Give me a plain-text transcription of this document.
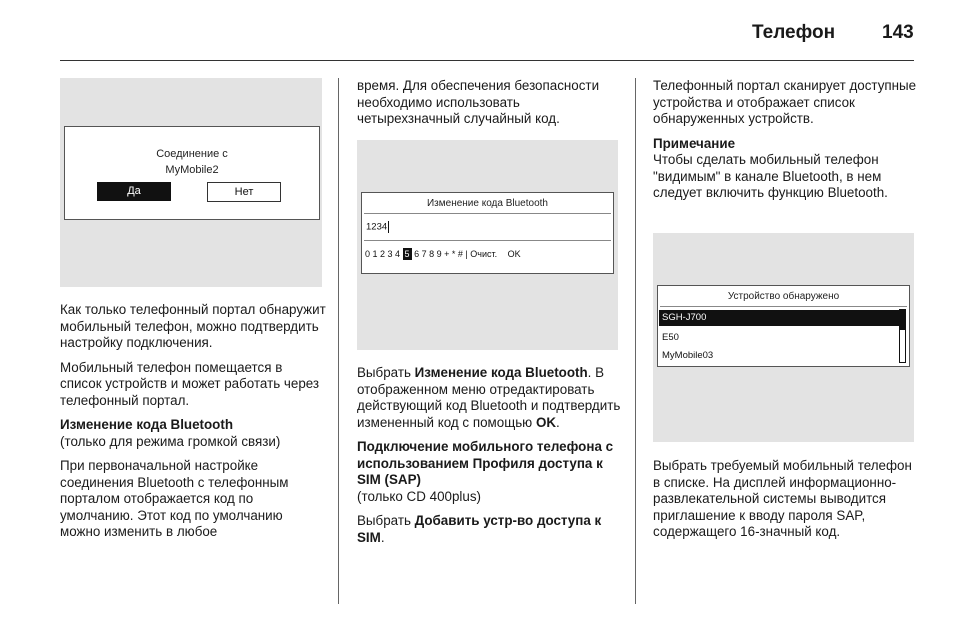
Телефон 143
Соединение с
MyMobile2
Да	Нет

Как только телефонный портал обнаружит мобильный телефон, можно подтвердить настройку подключения.

Мобильный телефон помещается в список устройств и может работать через телефонный портал.

Изменение кода Bluetooth

(только для режима громкой связи)

При первоначальной настройке соединения Bluetooth с телефонным порталом отображается код по умолчанию. Этот код по умолчанию можно изменить в любое

время. Для обеспечения безопасности необходимо использовать четырехзначный случайный код.

Изменение кода Bluetooth
1234
0 1 2 3 4 5 6 7 8 9 + * # | Очист. OK

Выбрать Изменение кода Bluetooth. В отображенном меню отредактировать действующий код Bluetooth и подтвердить измененный код с помощью OK.

Подключение мобильного телефона с использованием Профиля доступа к SIM (SAP)

(только CD 400plus)

Выбрать Добавить устр-во доступа к SIM.

Телефонный портал сканирует доступные устройства и отображает список обнаруженных устройств.

Примечание

Чтобы сделать мобильный телефон "видимым" в канале Bluetooth, в нем следует включить функцию Bluetooth.

Устройство обнаружено
SGH-J700
E50
MyMobile03

Выбрать требуемый мобильный телефон в списке. На дисплей информационно-развлекательной системы выводится приглашение к вводу пароля SAP, содержащего 16-значный код.
